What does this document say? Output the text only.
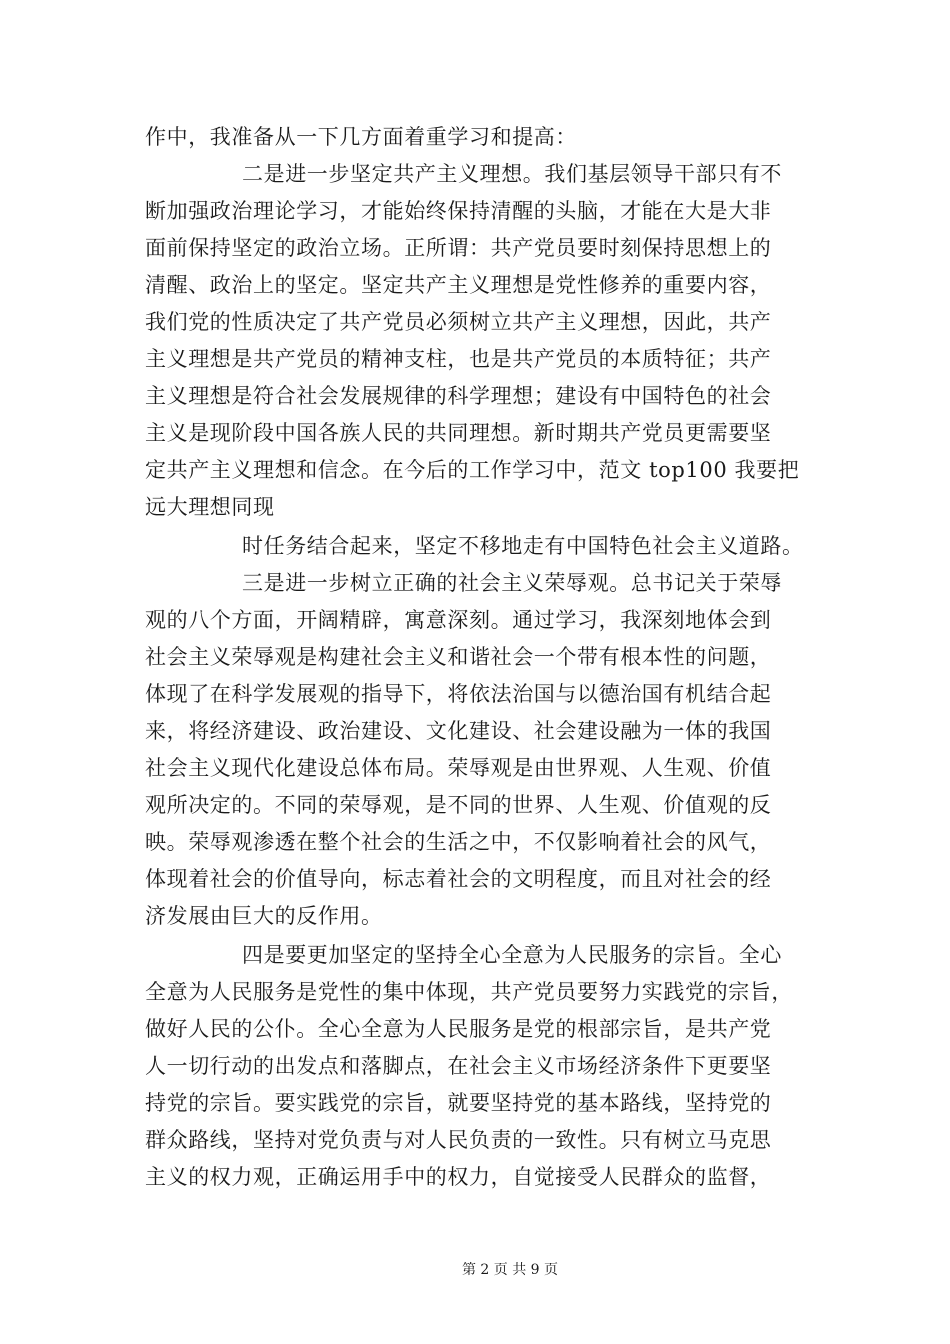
作中，我准备从一下几方面着重学习和提高：
二是进一步坚定共产主义理想。我们基层领导干部只有不
断加强政治理论学习，才能始终保持清醒的头脑，才能在大是大非
面前保持坚定的政治立场。正所谓：共产党员要时刻保持思想上的
清醒、政治上的坚定。坚定共产主义理想是党性修养的重要内容，
我们党的性质决定了共产党员必须树立共产主义理想，因此，共产
主义理想是共产党员的精神支柱，也是共产党员的本质特征；共产
主义理想是符合社会发展规律的科学理想；建设有中国特色的社会
主义是现阶段中国各族人民的共同理想。新时期共产党员更需要坚
定共产主义理想和信念。在今后的工作学习中，范文 top100 我要把
远大理想同现
时任务结合起来，坚定不移地走有中国特色社会主义道路。
三是进一步树立正确的社会主义荣辱观。总书记关于荣辱
观的八个方面，开阔精辟，寓意深刻。通过学习，我深刻地体会到
社会主义荣辱观是构建社会主义和谐社会一个带有根本性的问题，
体现了在科学发展观的指导下，将依法治国与以德治国有机结合起
来，将经济建设、政治建设、文化建设、社会建设融为一体的我国
社会主义现代化建设总体布局。荣辱观是由世界观、人生观、价值
观所决定的。不同的荣辱观，是不同的世界、人生观、价值观的反
映。荣辱观渗透在整个社会的生活之中，不仅影响着社会的风气，
体现着社会的价值导向，标志着社会的文明程度，而且对社会的经
济发展由巨大的反作用。
四是要更加坚定的坚持全心全意为人民服务的宗旨。全心
全意为人民服务是党性的集中体现，共产党员要努力实践党的宗旨，
做好人民的公仆。全心全意为人民服务是党的根部宗旨，是共产党
人一切行动的出发点和落脚点，在社会主义市场经济条件下更要坚
持党的宗旨。要实践党的宗旨，就要坚持党的基本路线，坚持党的
群众路线，坚持对党负责与对人民负责的一致性。只有树立马克思
主义的权力观，正确运用手中的权力，自觉接受人民群众的监督，
第 2 页 共 9 页
